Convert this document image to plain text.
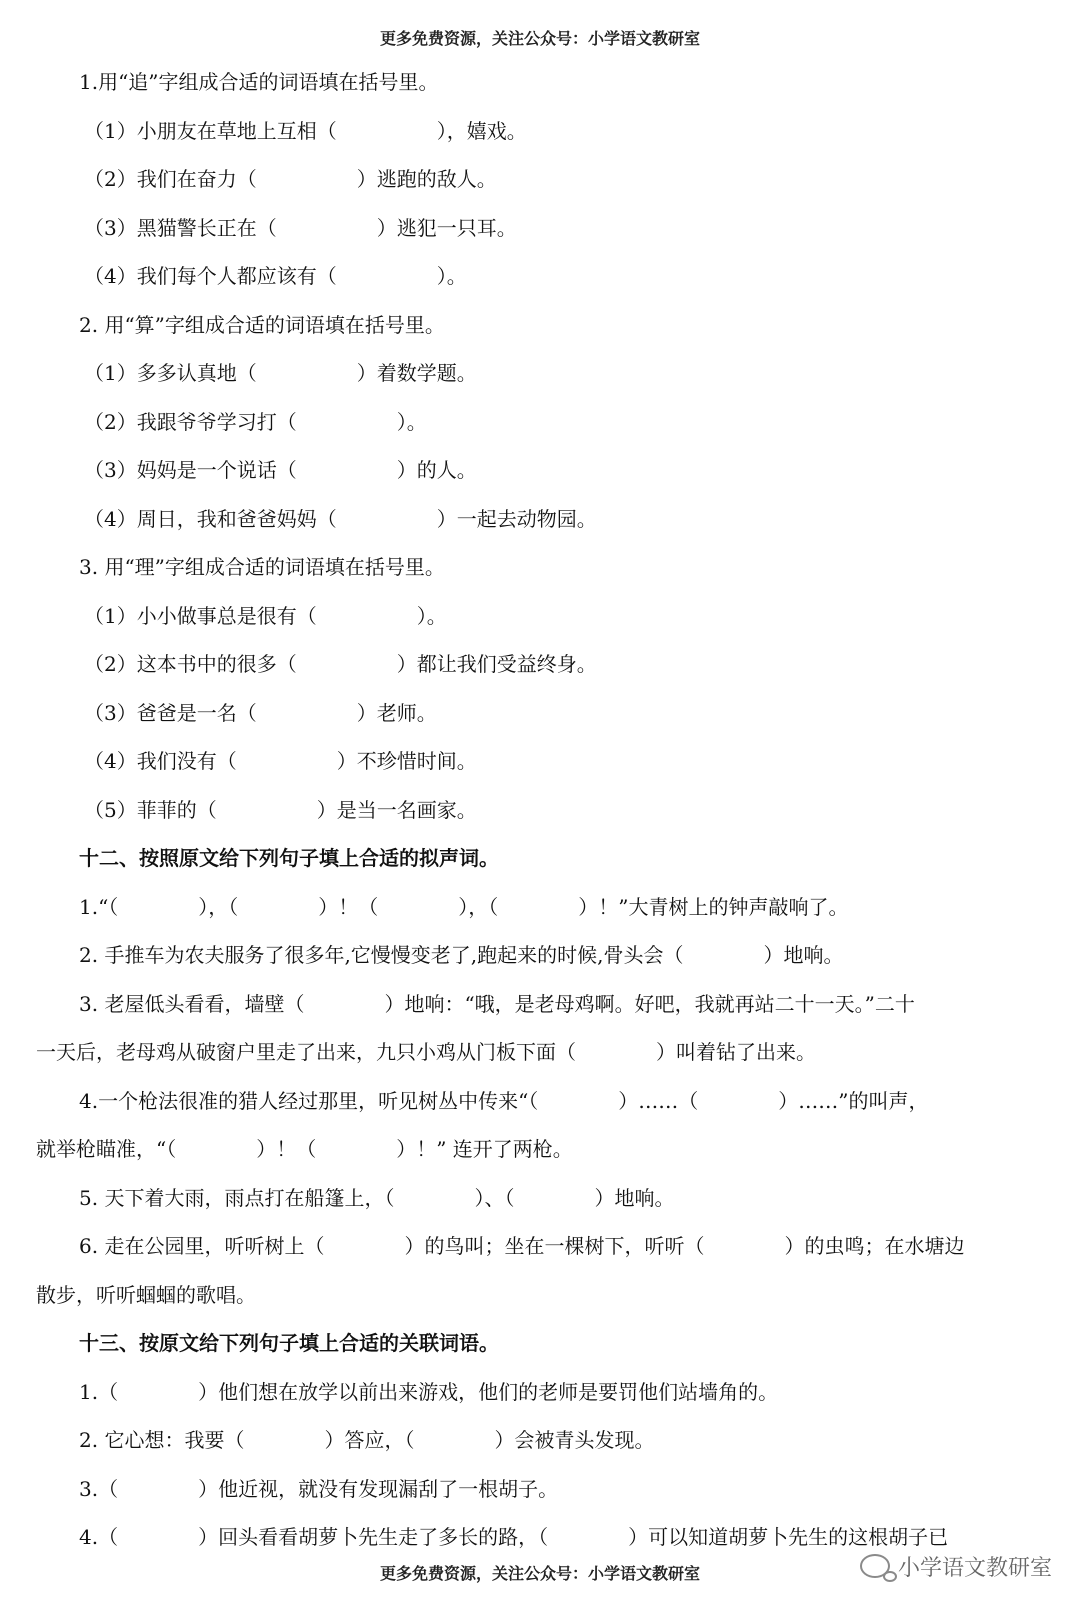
更多免费资源，关注公众号：小学语文教研室
1.用“追”字组成合适的词语填在括号里。
（1）小朋友在草地上互相（　　　　　），嬉戏。
（2）我们在奋力（　　　　　）逃跑的敌人。
（3）黑猫警长正在（　　　　　）逃犯一只耳。
（4）我们每个人都应该有（　　　　　）。
2. 用“算”字组成合适的词语填在括号里。
（1）多多认真地（　　　　　）着数学题。
（2）我跟爷爷学习打（　　　　　）。
（3）妈妈是一个说话（　　　　　）的人。
（4）周日，我和爸爸妈妈（　　　　　）一起去动物园。
3. 用“理”字组成合适的词语填在括号里。
（1）小小做事总是很有（　　　　　）。
（2）这本书中的很多（　　　　　）都让我们受益终身。
（3）爸爸是一名（　　　　　）老师。
（4）我们没有（　　　　　）不珍惜时间。
（5）菲菲的（　　　　　）是当一名画家。
十二、按照原文给下列句子填上合适的拟声词。
1.“（　　　　），（　　　　）！（　　　　），（　　　　）！”大青树上的钟声敲响了。
2. 手推车为农夫服务了很多年,它慢慢变老了,跑起来的时候,骨头会（　　　　）地响。
3. 老屋低头看看，墙壁（　　　　）地响：“哦，是老母鸡啊。好吧，我就再站二十一天。”二十
一天后，老母鸡从破窗户里走了出来，九只小鸡从门板下面（　　　　）叫着钻了出来。
4.一个枪法很准的猎人经过那里，听见树丛中传来“（　　　　）……（　　　　）……”的叫声，
就举枪瞄准，“（　　　　）！（　　　　）！” 连开了两枪。
5. 天下着大雨，雨点打在船篷上，（　　　　）、（　　　　）地响。
6. 走在公园里，听听树上（　　　　）的鸟叫；坐在一棵树下，听听（　　　　）的虫鸣；在水塘边
散步，听听蝈蝈的歌唱。
十三、按原文给下列句子填上合适的关联词语。
1.（　　　　）他们想在放学以前出来游戏，他们的老师是要罚他们站墙角的。
2. 它心想：我要（　　　　）答应，（　　　　）会被青头发现。
3.（　　　　）他近视，就没有发现漏刮了一根胡子。
4.（　　　　）回头看看胡萝卜先生走了多长的路，（　　　　）可以知道胡萝卜先生的这根胡子已
更多免费资源，关注公众号：小学语文教研室	小学语文教研室
